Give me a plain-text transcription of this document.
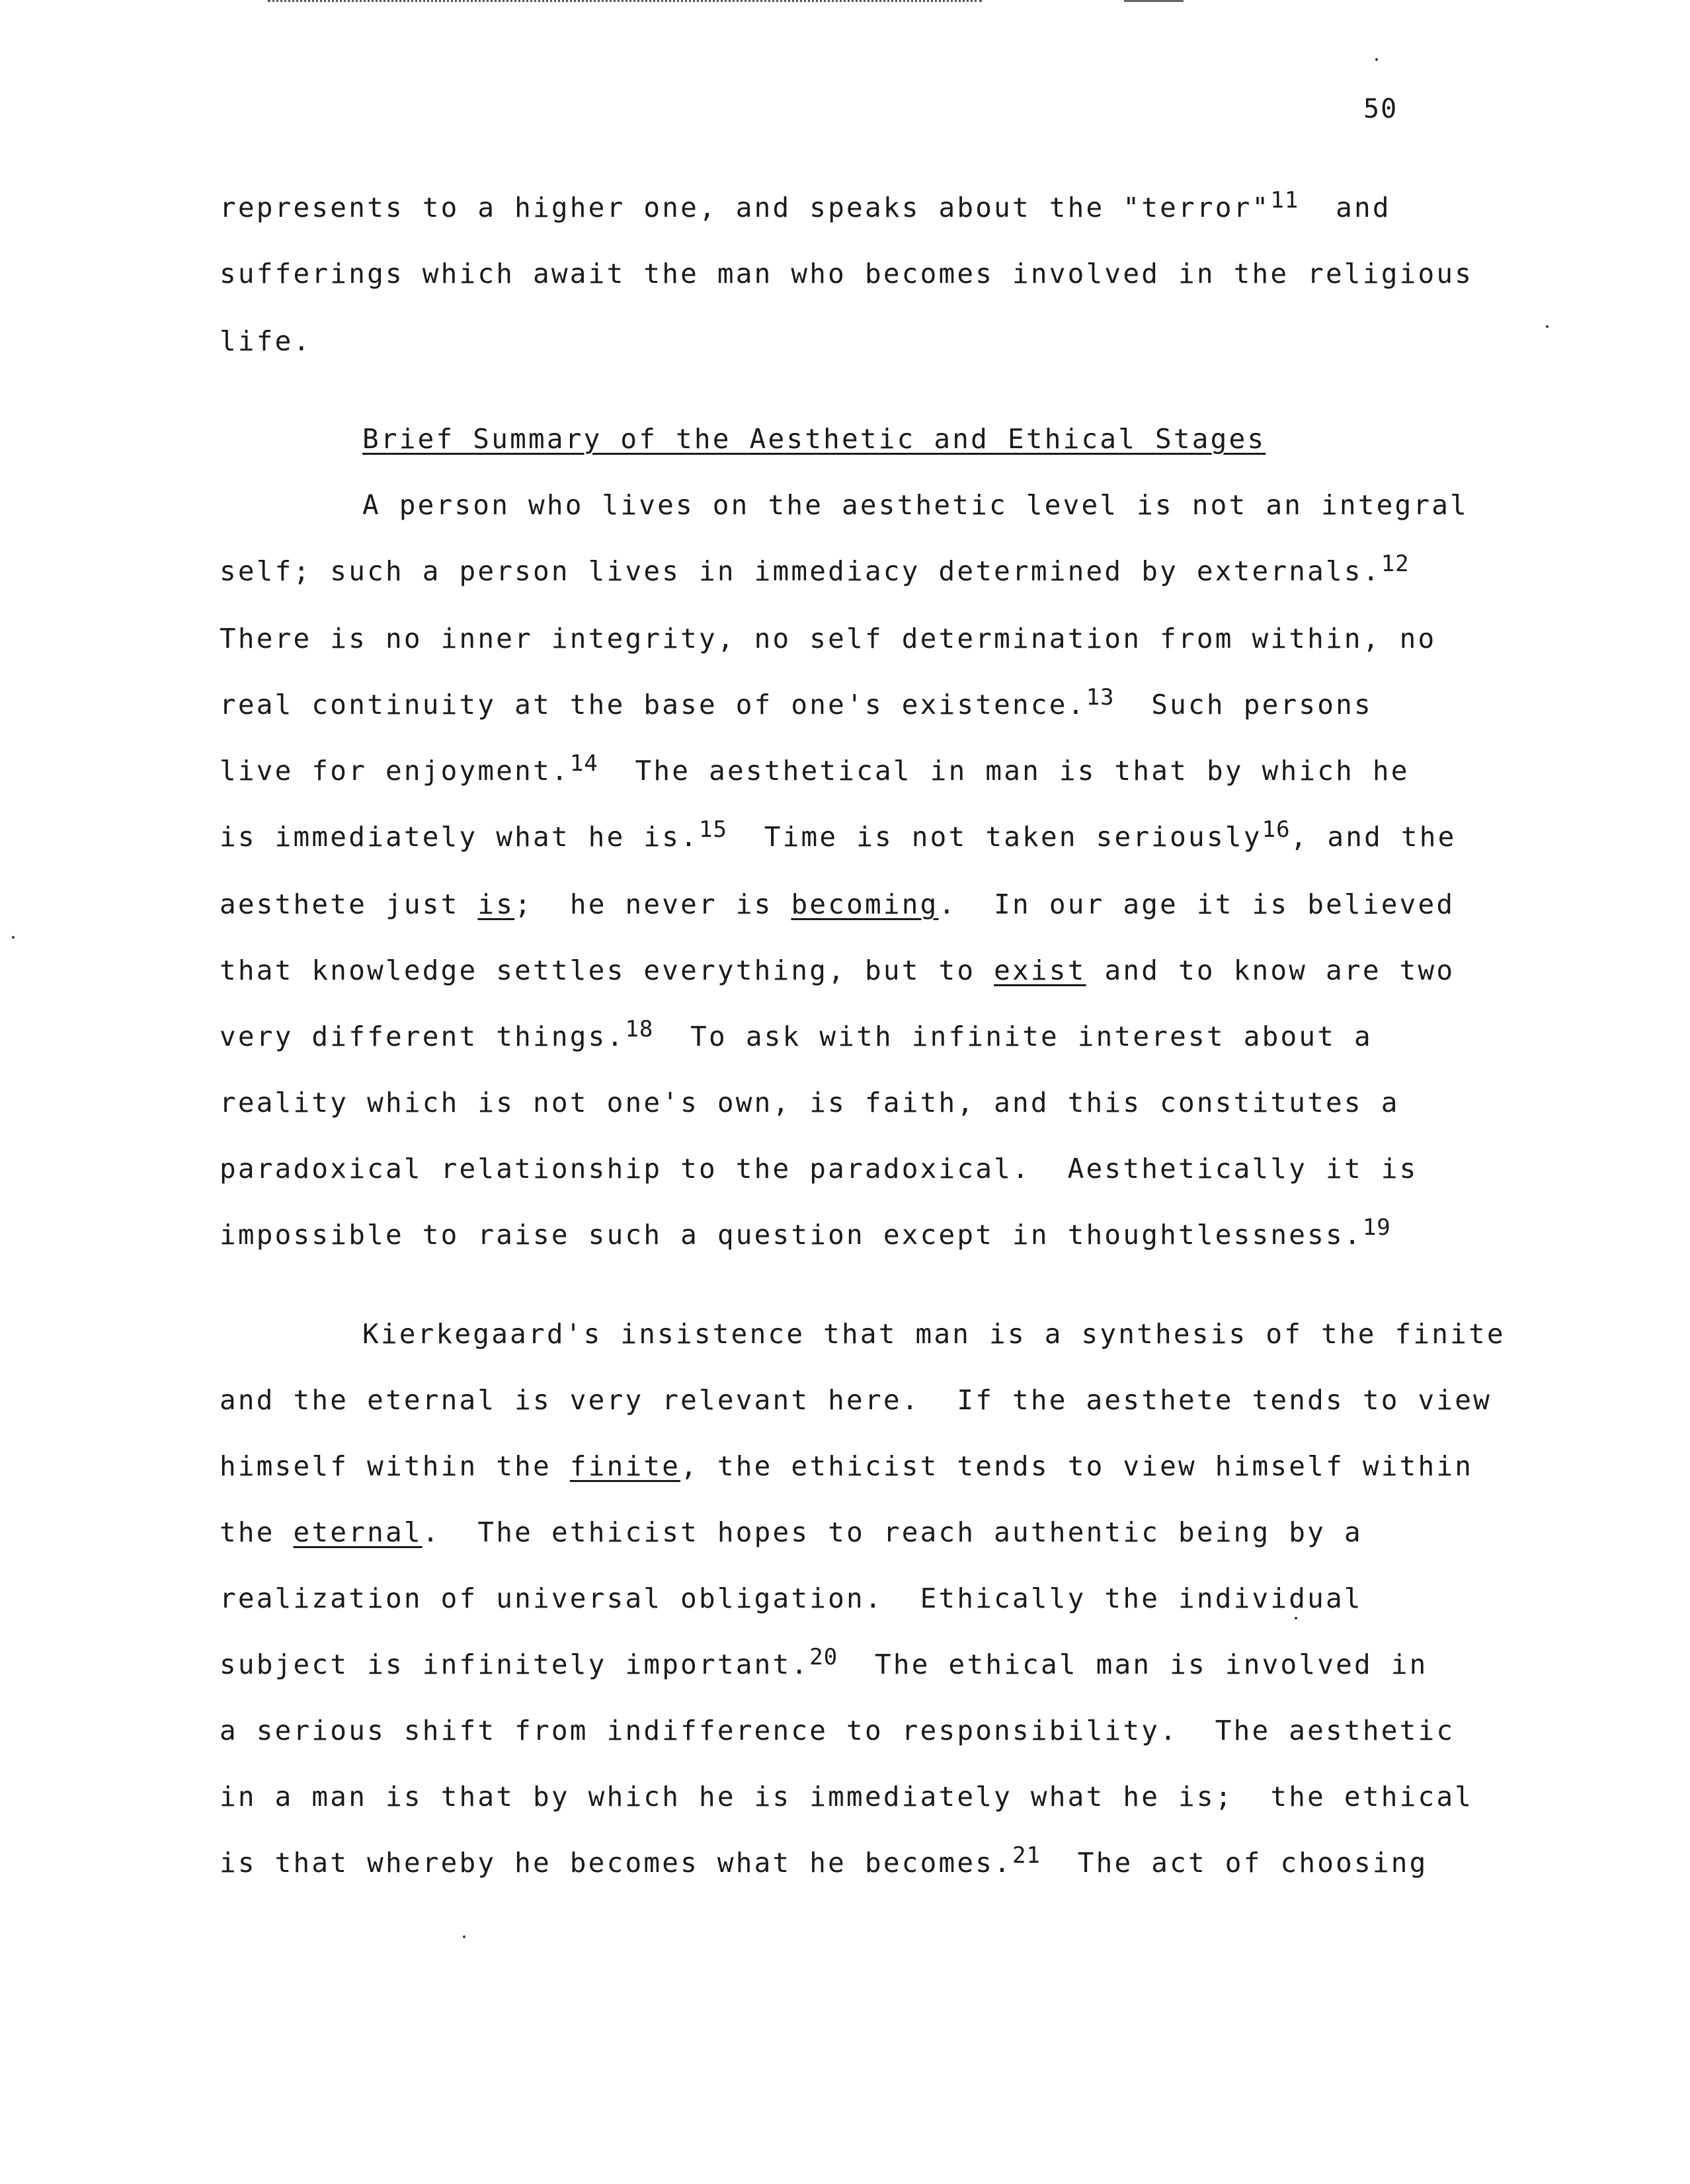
50
represents to a higher one, and speaks about the "terror"$^{11}$  and
sufferings which await the man who becomes involved in the religious
life.
Brief Summary of the Aesthetic and Ethical Stages
A person who lives on the aesthetic level is not an integral
self; such a person lives in immediacy determined by externals.$^{12}$
There is no inner integrity, no self determination from within, no
real continuity at the base of one's existence.$^{13}$  Such persons
live for enjoyment.$^{14}$  The aesthetical in man is that by which he
is immediately what he is.$^{15}$  Time is not taken seriously$^{16}$, and the
aesthete just is;  he never is becoming.  In our age it is believed
that knowledge settles everything, but to exist and to know are two
very different things.$^{18}$  To ask with infinite interest about a
reality which is not one's own, is faith, and this constitutes a
paradoxical relationship to the paradoxical.  Aesthetically it is
impossible to raise such a question except in thoughtlessness.$^{19}$
Kierkegaard's insistence that man is a synthesis of the finite
and the eternal is very relevant here.  If the aesthete tends to view
himself within the finite, the ethicist tends to view himself within
the eternal.  The ethicist hopes to reach authentic being by a
realization of universal obligation.  Ethically the individual
subject is infinitely important.$^{20}$  The ethical man is involved in
a serious shift from indifference to responsibility.  The aesthetic
in a man is that by which he is immediately what he is;  the ethical
is that whereby he becomes what he becomes.$^{21}$  The act of choosing
